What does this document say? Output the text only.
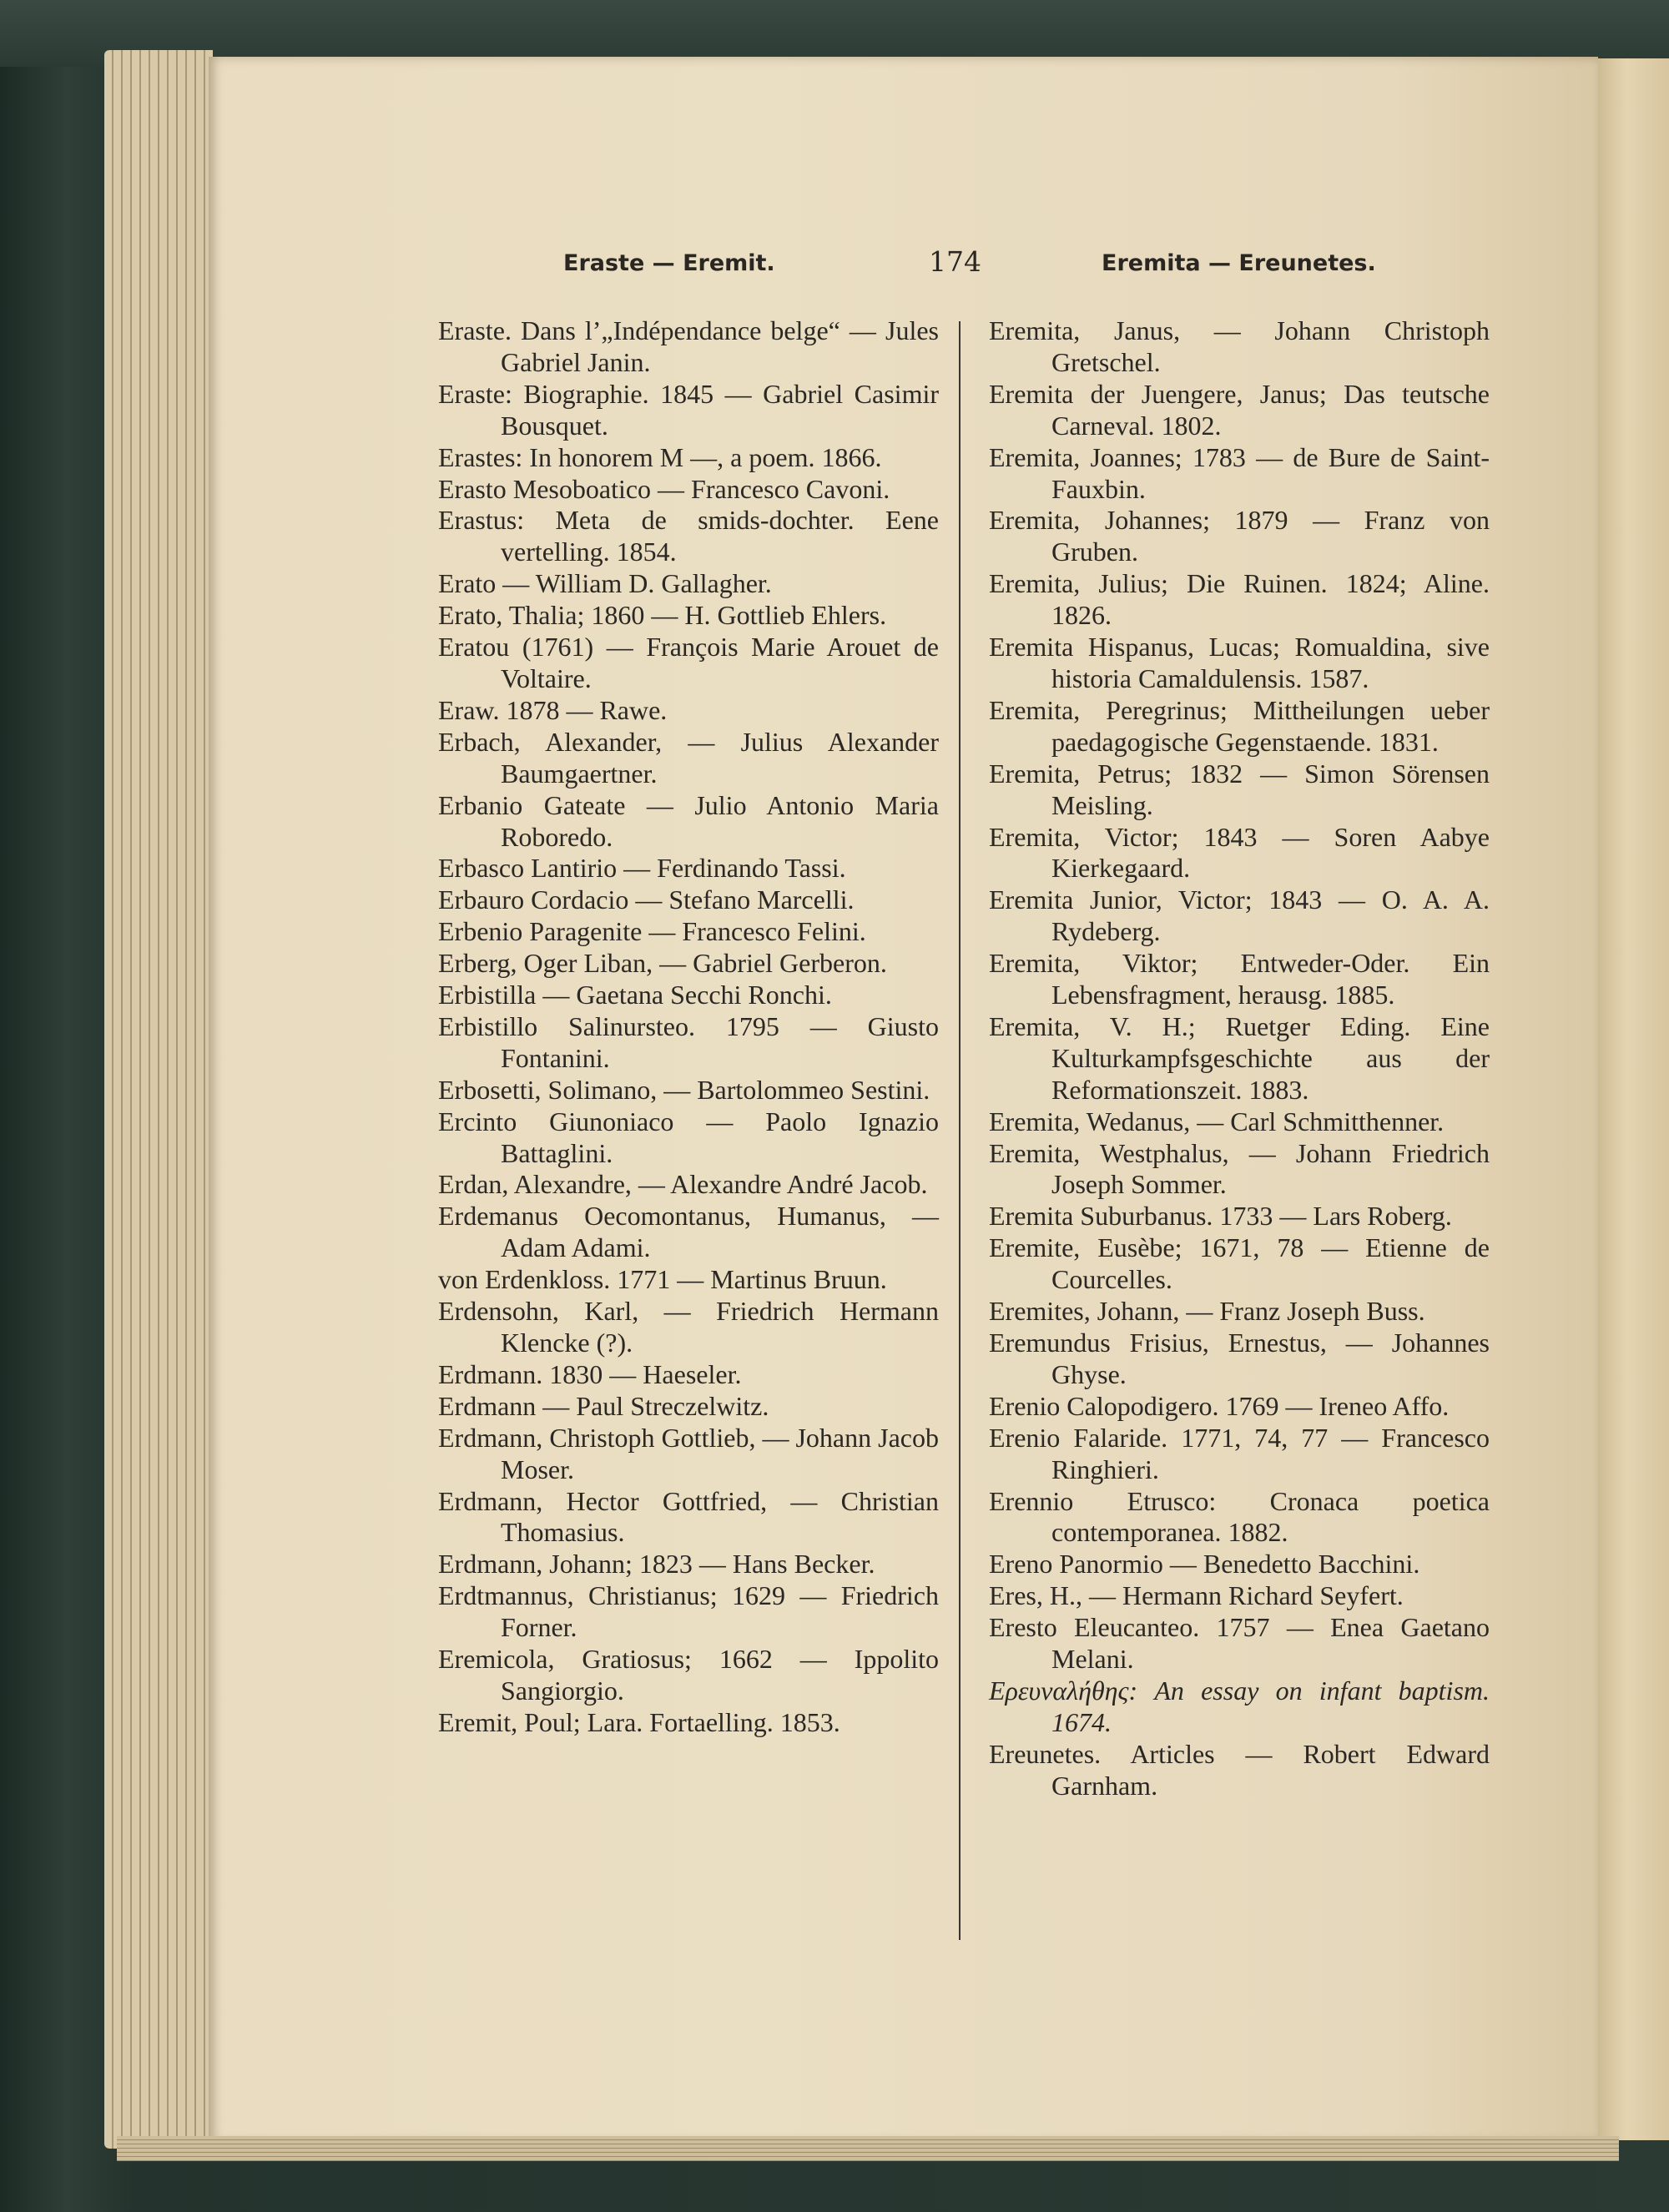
Eraste — Eremit.	174	Eremita — Ereunetes.

Eraste. Dans l’„Indépendance belge“ — Jules Gabriel Janin.

Eraste: Biographie. 1845 — Gabriel Casimir Bousquet.

Erastes: In honorem M —, a poem. 1866.

Erasto Mesoboatico — Francesco Cavoni.

Erastus: Meta de smids-dochter. Eene vertelling. 1854.

Erato — William D. Gallagher.

Erato, Thalia; 1860 — H. Gottlieb Ehlers.

Eratou (1761) — François Marie Arouet de Voltaire.

Eraw. 1878 — Rawe.

Erbach, Alexander, — Julius Alexander Baumgaertner.

Erbanio Gateate — Julio Antonio Maria Roboredo.

Erbasco Lantirio — Ferdinando Tassi.

Erbauro Cordacio — Stefano Marcelli.

Erbenio Paragenite — Francesco Felini.

Erberg, Oger Liban, — Gabriel Gerberon.

Erbistilla — Gaetana Secchi Ronchi.

Erbistillo Salinursteo. 1795 — Giusto Fontanini.

Erbosetti, Solimano, — Bartolommeo Sestini.

Ercinto Giunoniaco — Paolo Ignazio Battaglini.

Erdan, Alexandre, — Alexandre André Jacob.

Erdemanus Oecomontanus, Humanus, — Adam Adami.

von Erdenkloss. 1771 — Martinus Bruun.

Erdensohn, Karl, — Friedrich Hermann Klencke (?).

Erdmann. 1830 — Haeseler.

Erdmann — Paul Streczelwitz.

Erdmann, Christoph Gottlieb, — Johann Jacob Moser.

Erdmann, Hector Gottfried, — Christian Thomasius.

Erdmann, Johann; 1823 — Hans Becker.

Erdtmannus, Christianus; 1629 — Friedrich Forner.

Eremicola, Gratiosus; 1662 — Ippolito Sangiorgio.

Eremit, Poul; Lara. Fortaelling. 1853.

Eremita, Janus, — Johann Christoph Gretschel.

Eremita der Juengere, Janus; Das teutsche Carneval. 1802.

Eremita, Joannes; 1783 — de Bure de Saint-Fauxbin.

Eremita, Johannes; 1879 — Franz von Gruben.

Eremita, Julius; Die Ruinen. 1824; Aline. 1826.

Eremita Hispanus, Lucas; Romualdina, sive historia Camaldulensis. 1587.

Eremita, Peregrinus; Mittheilungen ueber paedagogische Gegenstaende. 1831.

Eremita, Petrus; 1832 — Simon Sörensen Meisling.

Eremita, Victor; 1843 — Soren Aabye Kierkegaard.

Eremita Junior, Victor; 1843 — O. A. A. Rydeberg.

Eremita, Viktor; Entweder-Oder. Ein Lebensfragment, herausg. 1885.

Eremita, V. H.; Ruetger Eding. Eine Kulturkampfsgeschichte aus der Reformationszeit. 1883.

Eremita, Wedanus, — Carl Schmitthenner.

Eremita, Westphalus, — Johann Friedrich Joseph Sommer.

Eremita Suburbanus. 1733 — Lars Roberg.

Eremite, Eusèbe; 1671, 78 — Etienne de Courcelles.

Eremites, Johann, — Franz Joseph Buss.

Eremundus Frisius, Ernestus, — Johannes Ghyse.

Erenio Calopodigero. 1769 — Ireneo Affo.

Erenio Falaride. 1771, 74, 77 — Francesco Ringhieri.

Erennio Etrusco: Cronaca poetica contemporanea. 1882.

Ereno Panormio — Benedetto Bacchini.

Eres, H., — Hermann Richard Seyfert.

Eresto Eleucanteo. 1757 — Enea Gaetano Melani.

Ερευναλήθης: An essay on infant baptism. 1674.

Ereunetes. Articles — Robert Edward Garnham.
